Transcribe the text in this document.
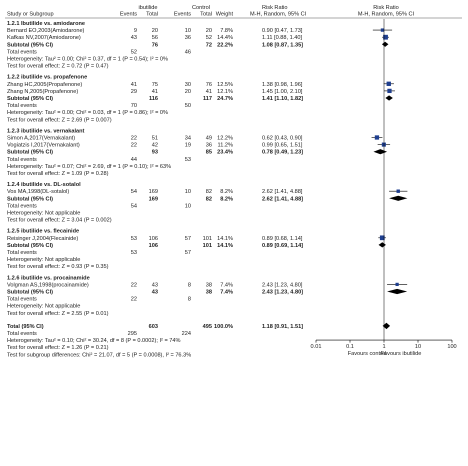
Risk Ratio
M-H, Random, 95% CI
Risk Ratio
M-H, Random, 95% CI
ibutilide	Control
Study or Subgroup	Events Total	Events Total Weight
1.2.1 Ibutilide vs. amiodarone
Bernard EO,2003(Amiodarone)	9	20	10	20 7.8%	0.90 [0.47, 1.73]
Kafkas NV,2007(Amiodarone)	43	56	36	52 14.4%	1.11 [0.88, 1.40]
Subtotal (95% CI)	76	72 22.2%	1.08 [0.87, 1.35]
Total events	52	46
Heterogeneity: Tau² = 0.00; Chi² = 0.37, df = 1 (P = 0.54); I² = 0%
Test for overall effect: Z = 0.72 (P = 0.47)
1.2.2 ibutilide vs. propafenone
Zhang HC,2005(Propafenone)	41	75	30	76 12.5%	1.38 [0.98, 1.96]
Zhang N,2005(Propafenone)	29	41	20	41 12.1%	1.45 [1.00, 2.10]
Subtotal (95% CI)	116	117 24.7%	1.41 [1.10, 1.82]
Total events	70	50
Heterogeneity: Tau² = 0.00; Chi² = 0.03, df = 1 (P = 0.86); I² = 0%
Test for overall effect: Z = 2.69 (P = 0.007)
1.2.3 ibutilide vs. vernakalant
Simon A,2017(Vernakalant)	22	51	34	49 12.2%	0.62 [0.43, 0.90]
Vogiatzis I,2017(Vernakalant)	22	42	19	36 11.2%	0.99 [0.65, 1.51]
Subtotal (95% CI)	93	85 23.4%	0.78 [0.49, 1.23]
Total events	44	53
Heterogeneity: Tau² = 0.07; Chi² = 2.69, df = 1 (P = 0.10); I² = 63%
Test for overall effect: Z = 1.09 (P = 0.28)
1.2.4 ibutilide vs. DL-sotalol
Vos MA,1998(DL-sotalol)	54 169	10	82 8.2%	2.62 [1.41, 4.88]
Subtotal (95% CI)	169	82 8.2%	2.62 [1.41, 4.88]
Total events	54	10
Heterogeneity: Not applicable
Test for overall effect: Z = 3.04 (P = 0.002)
1.2.5 ibutilide vs. flecainide
Reisinger J,2004(Flecainide)	53 106	57 101 14.1%	0.89 [0.68, 1.14]
Subtotal (95% CI)	106	101 14.1%	0.89 [0.69, 1.14]
Total events	53	57
Heterogeneity: Not applicable
Test for overall effect: Z = 0.93 (P = 0.35)
1.2.6 ibutilide vs. procainamide
Volgman AS,1998(procainamide)	22	43	8	38 7.4%	2.43 [1.23, 4.80]
Subtotal (95% CI)	43	38 7.4%	2.43 [1.23, 4.80]
Total events	22	8
Heterogeneity: Not applicable
Test for overall effect: Z = 2.55 (P = 0.01)
Total (95% CI)	603	495 100.0%	1.18 [0.91, 1.51]
Total events	295	224
Heterogeneity: Tau² = 0.10; Chi² = 30.24, df = 8 (P = 0.0002); I² = 74%
Test for overall effect: Z = 1.26 (P = 0.21)
Test for subgroup differences: Chi² = 21.07, df = 5 (P = 0.0008), I² = 76.3%
0.01	0.1	1	10	100
Favours control
Favours ibutilide
